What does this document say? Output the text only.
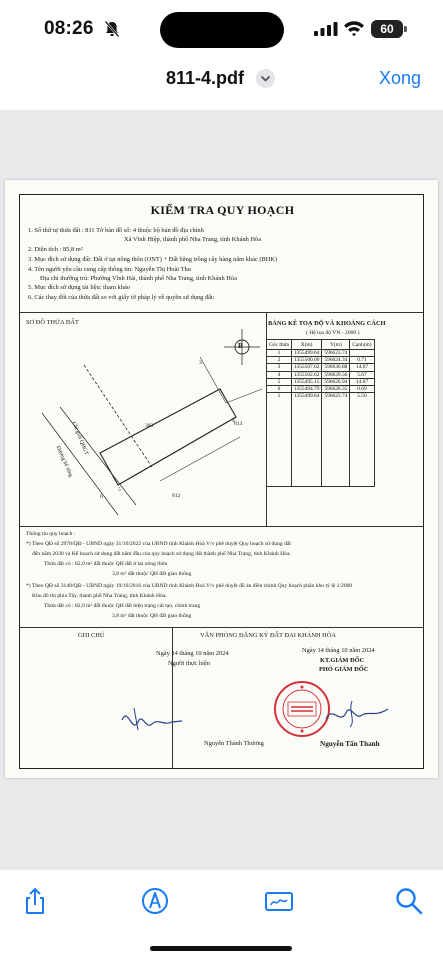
08:26	60
811-4.pdf	Xong
KIỂM TRA QUY HOẠCH
1. Số thứ tự thửa đất : 811 Tờ bản đồ số: 4 thuộc bộ bản đồ địa chính
Xã Vĩnh Hiệp, thành phố Nha Trang, tỉnh Khánh Hòa
2. Diện tích : 85,8 m²
3. Mục đích sử dụng đất: Đất ở tại nông thôn (ONT) + Đất bằng trồng cây hàng năm khác (BHK)
4. Tên người yêu cầu cung cấp thông tin: Nguyễn Thị Hoài Thu
Địa chỉ thường trú: Phường Vĩnh Hải, thành phố Nha Trang, tỉnh Khánh Hòa
5. Mục đích sử dụng tài liệu: tham khảo
6. Các thay đổi của thửa đất so với giấy tờ pháp lý về quyền sử dụng đất:
SƠ ĐỒ THỬA ĐẤT
B
383	813
812
3
4
5
6
Chỉ giới QHGT
Đường bê tông
BẢNG KÊ TOẠ ĐỘ VÀ KHOẢNG CÁCH
( Hệ tọa độ VN - 2000 )
Góc thửa	X(m)	Y(m)	Cạnh(m)
1	1355499.64	596623.74	
2	1355500.00	596624.34	0.71
3	1355507.62	596636.88	14.67
4	1355502.62	596639.56	5.67
5	1355495.15	596626.94	14.67
6	1355494.79	596626.35	0.69
1	1355499.64	596623.74	5.50
Thông tin quy hoạch :
*) Theo QĐ số 2978/QĐ - UBND ngày 31/10/2022 của UBND tỉnh Khánh Hoà V/v phê duyệt Quy hoạch sử dụng đất
đến năm 2030 và Kế hoạch sử dụng đất năm đầu của quy hoạch sử dụng đất thành phố Nha Trang, tỉnh Khánh Hòa.
Thửa đất có : 82,0 m² đất thuộc QH đất ở tại nông thôn
3,8 m² đất thuộc QH đất giao thông
*) Theo QĐ số 3148/QĐ - UBND ngày 19/10/2016 của UBND tỉnh Khánh Hoà V/v phê duyệt đồ án điều chỉnh Quy hoạch phân khu tỷ lệ 1/2000
Khu đô thị phía Tây, thành phố Nha Trang, tỉnh Khánh Hòa.
Thửa đất có : 82,0 m² đất thuộc QH đất hiện trạng cải tạo, chỉnh trang
3,8 m² đất thuộc QH đất giao thông
GHI CHÚ	VĂN PHÒNG ĐĂNG KÝ ĐẤT ĐAI KHÁNH HÒA
Ngày 14 tháng 10 năm 2024
Người thực hiện
Ngày 14 tháng 10 năm 2024
KT.GIÁM ĐỐC
PHÓ GIÁM ĐỐC
Nguyễn Thành Thương	Nguyễn Tấn Thanh
